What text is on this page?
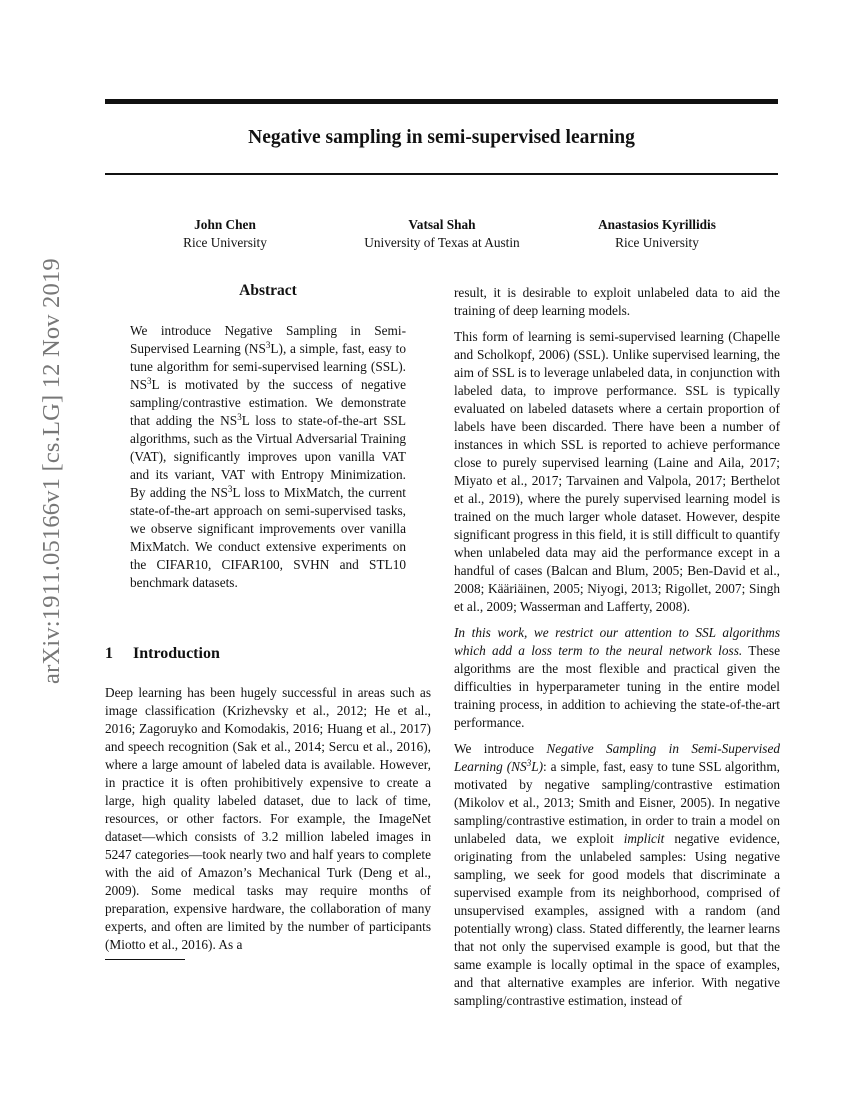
Negative sampling in semi-supervised learning
John Chen
Rice University
Vatsal Shah
University of Texas at Austin
Anastasios Kyrillidis
Rice University
arXiv:1911.05166v1 [cs.LG] 12 Nov 2019	Abstract
We introduce Negative Sampling in Semi-Supervised Learning $(NS^3L)$, a simple, fast, easy to tune algorithm for semi-supervised learning (SSL). $NS^3L$ is motivated by the success of negative sampling/contrastive estimation. We demonstrate that adding the $NS^3L$ loss to state-of-the-art SSL algorithms, such as the Virtual Adversarial Training (VAT), significantly improves upon vanilla VAT and its variant, VAT with Entropy Minimization. By adding the $NS^3L$ loss to MixMatch, the current state-of-the-art approach on semi-supervised tasks, we observe significant improvements over vanilla MixMatch. We conduct extensive experiments on the CIFAR10, CIFAR100, SVHN and STL10 benchmark datasets.
1 Introduction
Deep learning has been hugely successful in areas such as image classification (Krizhevsky et al., 2012; He et al., 2016; Zagoruyko and Komodakis, 2016; Huang et al., 2017) and speech recognition (Sak et al., 2014; Sercu et al., 2016), where a large amount of labeled data is available. However, in practice it is often prohibitively expensive to create a large, high quality labeled dataset, due to lack of time, resources, or other factors. For example, the ImageNet dataset—which consists of 3.2 million labeled images in 5247 categories—took nearly two and half years to complete with the aid of Amazon’s Mechanical Turk (Deng et al., 2009). Some medical tasks may require months of preparation, expensive hardware, the collaboration of many experts, and often are limited by the number of participants (Miotto et al., 2016). As a

result, it is desirable to exploit unlabeled data to aid the training of deep learning models.

This form of learning is semi-supervised learning (Chapelle and Scholkopf, 2006) (SSL). Unlike supervised learning, the aim of SSL is to leverage unlabeled data, in conjunction with labeled data, to improve performance. SSL is typically evaluated on labeled datasets where a certain proportion of labels have been discarded. There have been a number of instances in which SSL is reported to achieve performance close to purely supervised learning (Laine and Aila, 2017; Miyato et al., 2017; Tarvainen and Valpola, 2017; Berthelot et al., 2019), where the purely supervised learning model is trained on the much larger whole dataset. However, despite significant progress in this field, it is still difficult to quantify when unlabeled data may aid the performance except in a handful of cases (Balcan and Blum, 2005; Ben-David et al., 2008; Kääriäinen, 2005; Niyogi, 2013; Rigollet, 2007; Singh et al., 2009; Wasserman and Lafferty, 2008).

In this work, we restrict our attention to SSL algorithms which add a loss term to the neural network loss. These algorithms are the most flexible and practical given the difficulties in hyperparameter tuning in the entire model training process, in addition to achieving the state-of-the-art performance.

We introduce Negative Sampling in Semi-Supervised Learning $(NS^3L)$: a simple, fast, easy to tune SSL algorithm, motivated by negative sampling/contrastive estimation (Mikolov et al., 2013; Smith and Eisner, 2005). In negative sampling/contrastive estimation, in order to train a model on unlabeled data, we exploit implicit negative evidence, originating from the unlabeled samples: Using negative sampling, we seek for good models that discriminate a supervised example from its neighborhood, comprised of unsupervised examples, assigned with a random (and potentially wrong) class. Stated differently, the learner learns that not only the supervised example is good, but that the same example is locally optimal in the space of examples, and that alternative examples are inferior. With negative sampling/contrastive estimation, instead of
